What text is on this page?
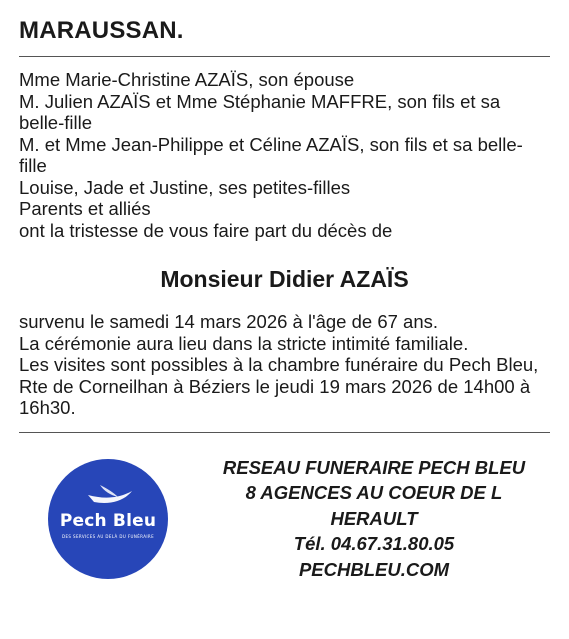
MARAUSSAN.
Mme Marie-Christine AZAÏS, son épouse
M. Julien AZAÏS et Mme Stéphanie MAFFRE, son fils et sa belle-fille
M. et Mme Jean-Philippe et Céline AZAÏS, son fils et sa belle-fille
Louise, Jade et Justine, ses petites-filles
Parents et alliés
ont la tristesse de vous faire part du décès de
Monsieur Didier AZAÏS
survenu le samedi 14 mars 2026 à l'âge de 67 ans.
La cérémonie aura lieu dans la stricte intimité familiale.
Les visites sont possibles à la chambre funéraire du Pech Bleu, Rte de Corneilhan à Béziers le jeudi 19 mars 2026 de 14h00 à 16h30.
Pech Bleu
DES SERVICES AU DELÀ DU FUNÉRAIRE
RESEAU FUNERAIRE PECH BLEU
8 AGENCES AU COEUR DE L
HERAULT
Tél. 04.67.31.80.05
PECHBLEU.COM
